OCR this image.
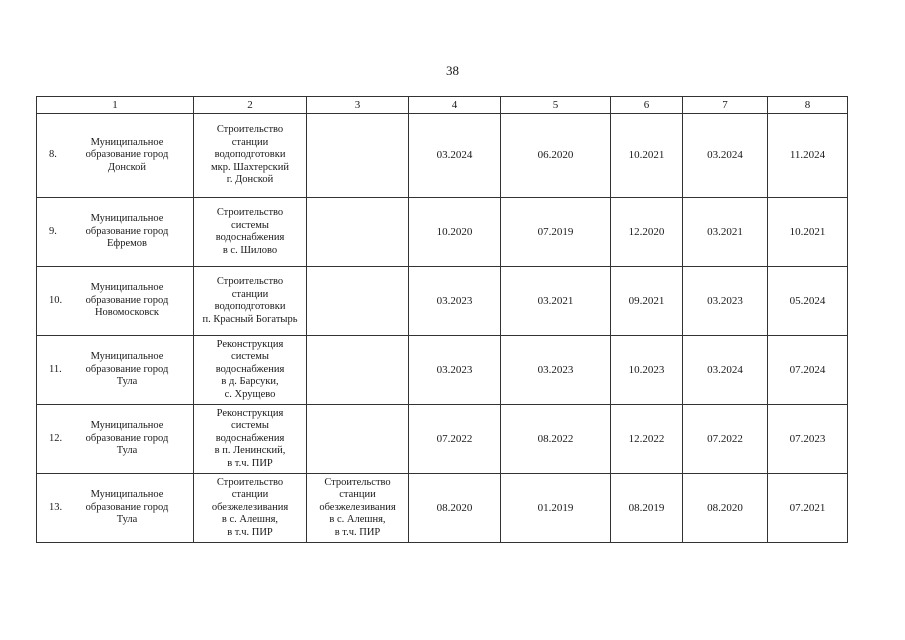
38
1	2	3	4	5	6	7	8

8.
Муниципальное
образование город
Донской	Строительство
станции
водоподготовки
мкр. Шахтерский
г. Донской		03.2024	06.2020	10.2021	03.2024	11.2024

9.
Муниципальное
образование город
Ефремов	Строительство
системы
водоснабжения
в с. Шилово		10.2020	07.2019	12.2020	03.2021	10.2021

10.
Муниципальное
образование город
Новомосковск	Строительство
станции
водоподготовки
п. Красный Богатырь		03.2023	03.2021	09.2021	03.2023	05.2024

11.
Муниципальное
образование город
Тула	Реконструкция
системы
водоснабжения
в д. Барсуки,
с. Хрущево		03.2023	03.2023	10.2023	03.2024	07.2024

12.
Муниципальное
образование город
Тула	Реконструкция
системы
водоснабжения
в п. Ленинский,
в т.ч. ПИР		07.2022	08.2022	12.2022	07.2022	07.2023

13.
Муниципальное
образование город
Тула	Строительство
станции
обезжелезивания
в с. Алешня,
в т.ч. ПИР	Строительство
станции
обезжелезивания
в с. Алешня,
в т.ч. ПИР	08.2020	01.2019	08.2019	08.2020	07.2021
